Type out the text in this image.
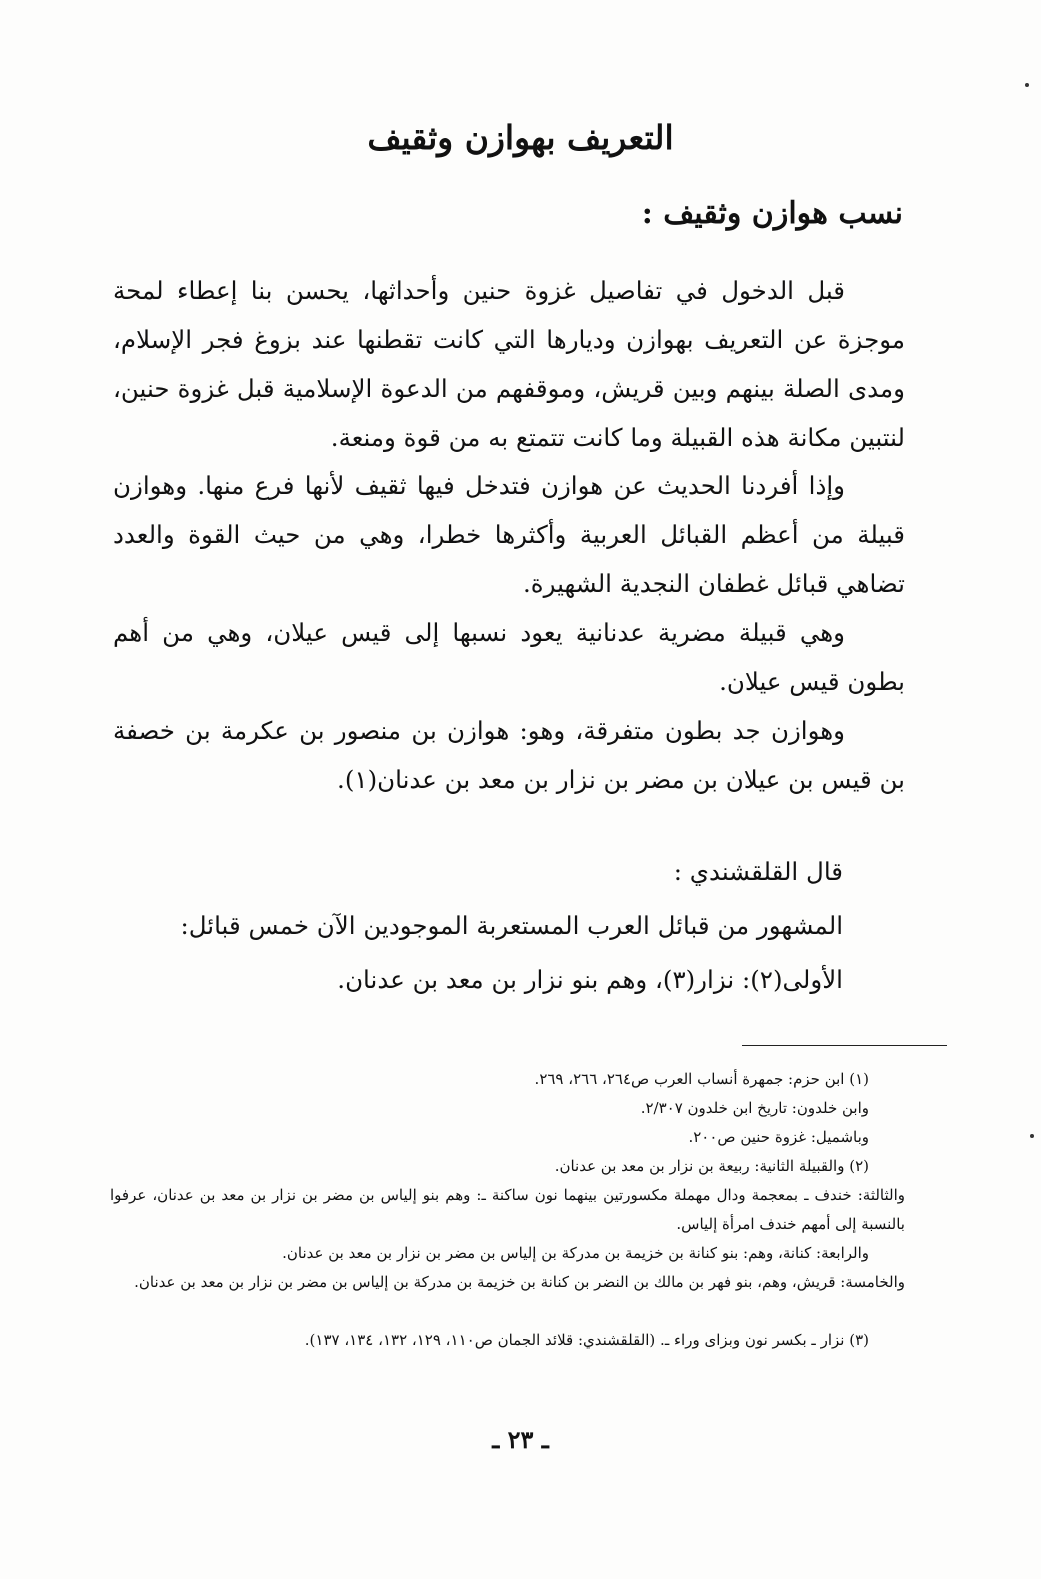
التعريف بهوازن وثقيف
نسب هوازن وثقيف :

قبل الدخول في تفاصيل غزوة حنين وأحداثها، يحسن بنا إعطاء لمحة موجزة عن التعريف بهوازن وديارها التي كانت تقطنها عند بزوغ فجر الإسلام، ومدى الصلة بينهم وبين قريش، وموقفهم من الدعوة الإسلامية قبل غزوة حنين، لنتبين مكانة هذه القبيلة وما كانت تتمتع به من قوة ومنعة.

وإذا أفردنا الحديث عن هوازن فتدخل فيها ثقيف لأنها فرع منها. وهوازن قبيلة من أعظم القبائل العربية وأكثرها خطرا، وهي من حيث القوة والعدد تضاهي قبائل غطفان النجدية الشهيرة.

وهي قبيلة مضرية عدنانية يعود نسبها إلى قيس عيلان، وهي من أهم بطون قيس عيلان.

وهوازن جد بطون متفرقة، وهو: هوازن بن منصور بن عكرمة بن خصفة بن قيس بن عيلان بن مضر بن نزار بن معد بن عدنان(١).

قال القلقشندي :

المشهور من قبائل العرب المستعربة الموجودين الآن خمس قبائل:

الأولى(٢): نزار(٣)، وهم بنو نزار بن معد بن عدنان.

(١) ابن حزم: جمهرة أنساب العرب ص٢٦٤، ٢٦٦، ٢٦٩.

وابن خلدون: تاريخ ابن خلدون ٢/٣٠٧.

وباشميل: غزوة حنين ص٢٠٠.

(٢) والقبيلة الثانية: ربيعة بن نزار بن معد بن عدنان.

والثالثة: خندف ـ بمعجمة ودال مهملة مكسورتين بينهما نون ساكنة ـ: وهم بنو إلياس بن مضر بن نزار بن معد بن عدنان، عرفوا بالنسبة إلى أمهم خندف امرأة إلياس.

والرابعة: كنانة، وهم: بنو كنانة بن خزيمة بن مدركة بن إلياس بن مضر بن نزار بن معد بن عدنان.

والخامسة: قريش، وهم، بنو فهر بن مالك بن النضر بن كنانة بن خزيمة بن مدركة بن إلياس بن مضر بن نزار بن معد بن عدنان.

(٣) نزار ـ بكسر نون وبزاى وراء ـ. (القلقشندي: قلائد الجمان ص١١٠، ١٢٩، ١٣٢، ١٣٤، ١٣٧).

ـ ٢٣ ـ
